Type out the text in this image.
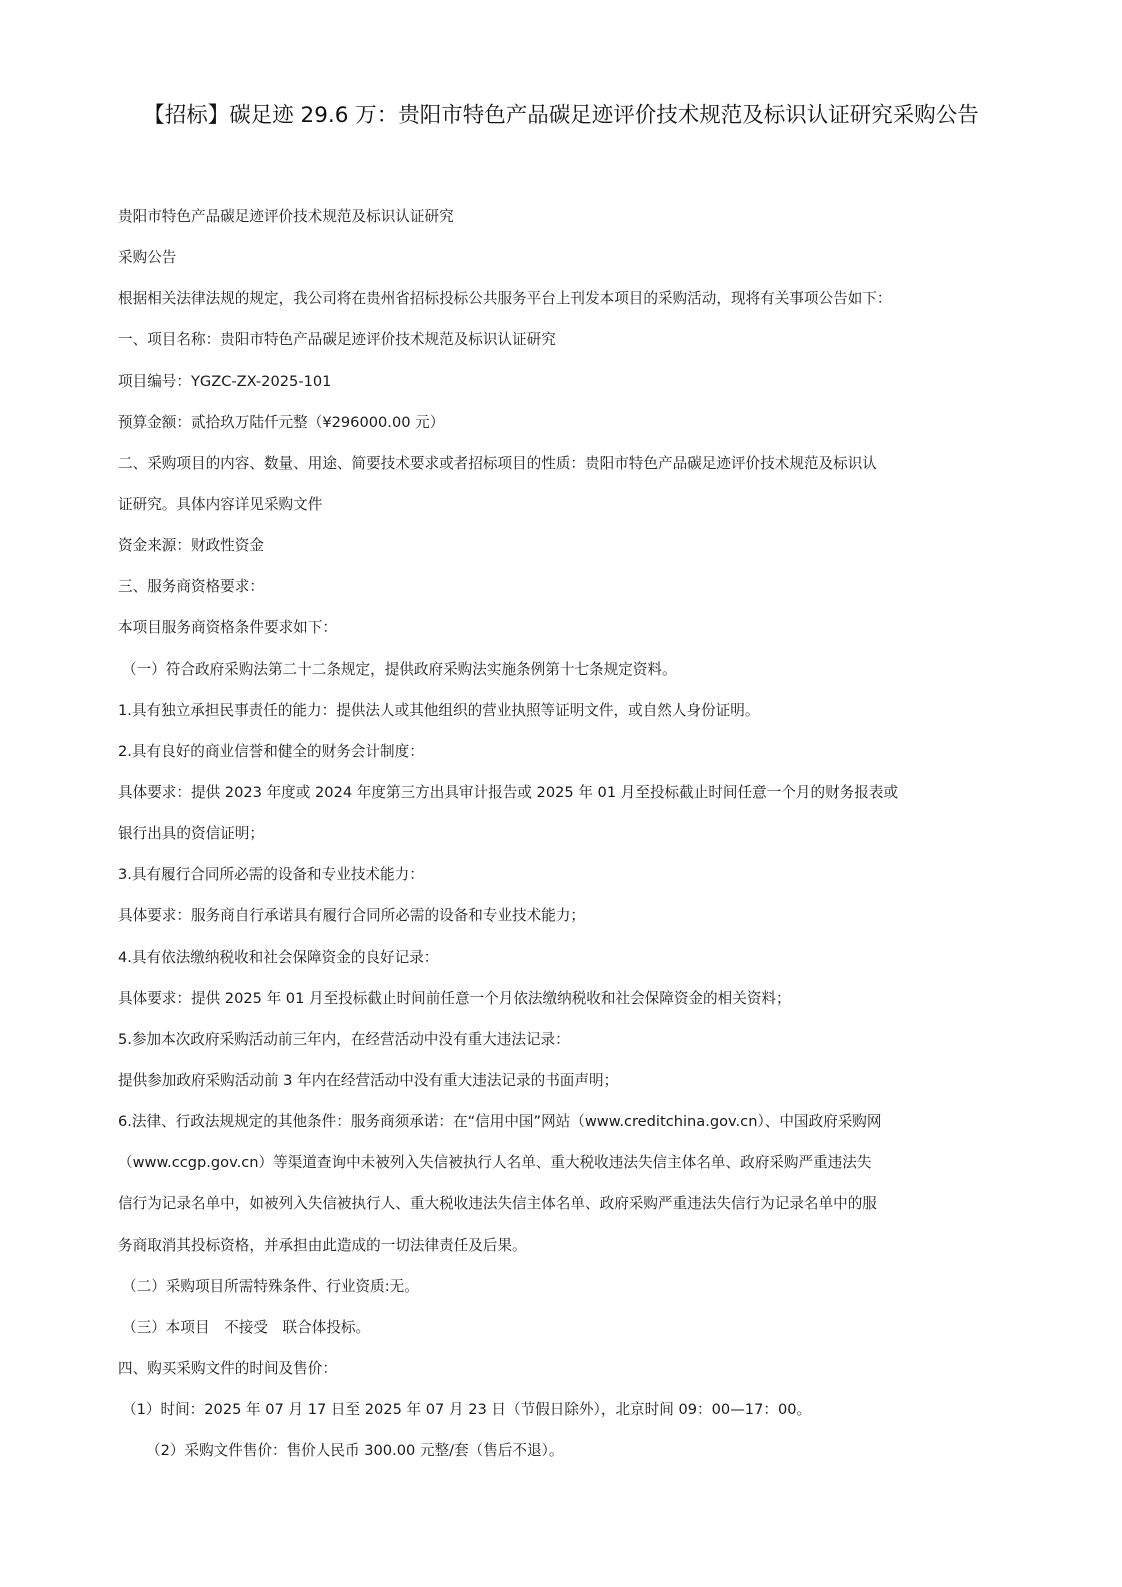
【招标】碳足迹 29.6 万：贵阳市特色产品碳足迹评价技术规范及标识认证研究采购公告
贵阳市特色产品碳足迹评价技术规范及标识认证研究
采购公告
根据相关法律法规的规定，我公司将在贵州省招标投标公共服务平台上刊发本项目的采购活动，现将有关事项公告如下：
一、项目名称：贵阳市特色产品碳足迹评价技术规范及标识认证研究
项目编号：YGZC-ZX-2025-101
预算金额：贰拾玖万陆仟元整（¥296000.00 元）
二、采购项目的内容、数量、用途、简要技术要求或者招标项目的性质：贵阳市特色产品碳足迹评价技术规范及标识认
证研究。具体内容详见采购文件
资金来源：财政性资金
三、服务商资格要求：
本项目服务商资格条件要求如下：
（一）符合政府采购法第二十二条规定，提供政府采购法实施条例第十七条规定资料。
1.具有独立承担民事责任的能力：提供法人或其他组织的营业执照等证明文件，或自然人身份证明。
2.具有良好的商业信誉和健全的财务会计制度：
具体要求：提供 2023 年度或 2024 年度第三方出具审计报告或 2025 年 01 月至投标截止时间任意一个月的财务报表或
银行出具的资信证明；
3.具有履行合同所必需的设备和专业技术能力：
具体要求：服务商自行承诺具有履行合同所必需的设备和专业技术能力；
4.具有依法缴纳税收和社会保障资金的良好记录：
具体要求：提供 2025 年 01 月至投标截止时间前任意一个月依法缴纳税收和社会保障资金的相关资料；
5.参加本次政府采购活动前三年内，在经营活动中没有重大违法记录：
提供参加政府采购活动前 3 年内在经营活动中没有重大违法记录的书面声明；
6.法律、行政法规规定的其他条件：服务商须承诺：在“信用中国”网站（www.creditchina.gov.cn）、中国政府采购网
（www.ccgp.gov.cn）等渠道查询中未被列入失信被执行人名单、重大税收违法失信主体名单、政府采购严重违法失
信行为记录名单中，如被列入失信被执行人、重大税收违法失信主体名单、政府采购严重违法失信行为记录名单中的服
务商取消其投标资格，并承担由此造成的一切法律责任及后果。
（二）采购项目所需特殊条件、行业资质:无。
（三）本项目　不接受　联合体投标。
四、购买采购文件的时间及售价：
（1）时间：2025 年 07 月 17 日至 2025 年 07 月 23 日（节假日除外），北京时间 09：00—17：00。
（2）采购文件售价：售价人民币 300.00 元整/套（售后不退）。
